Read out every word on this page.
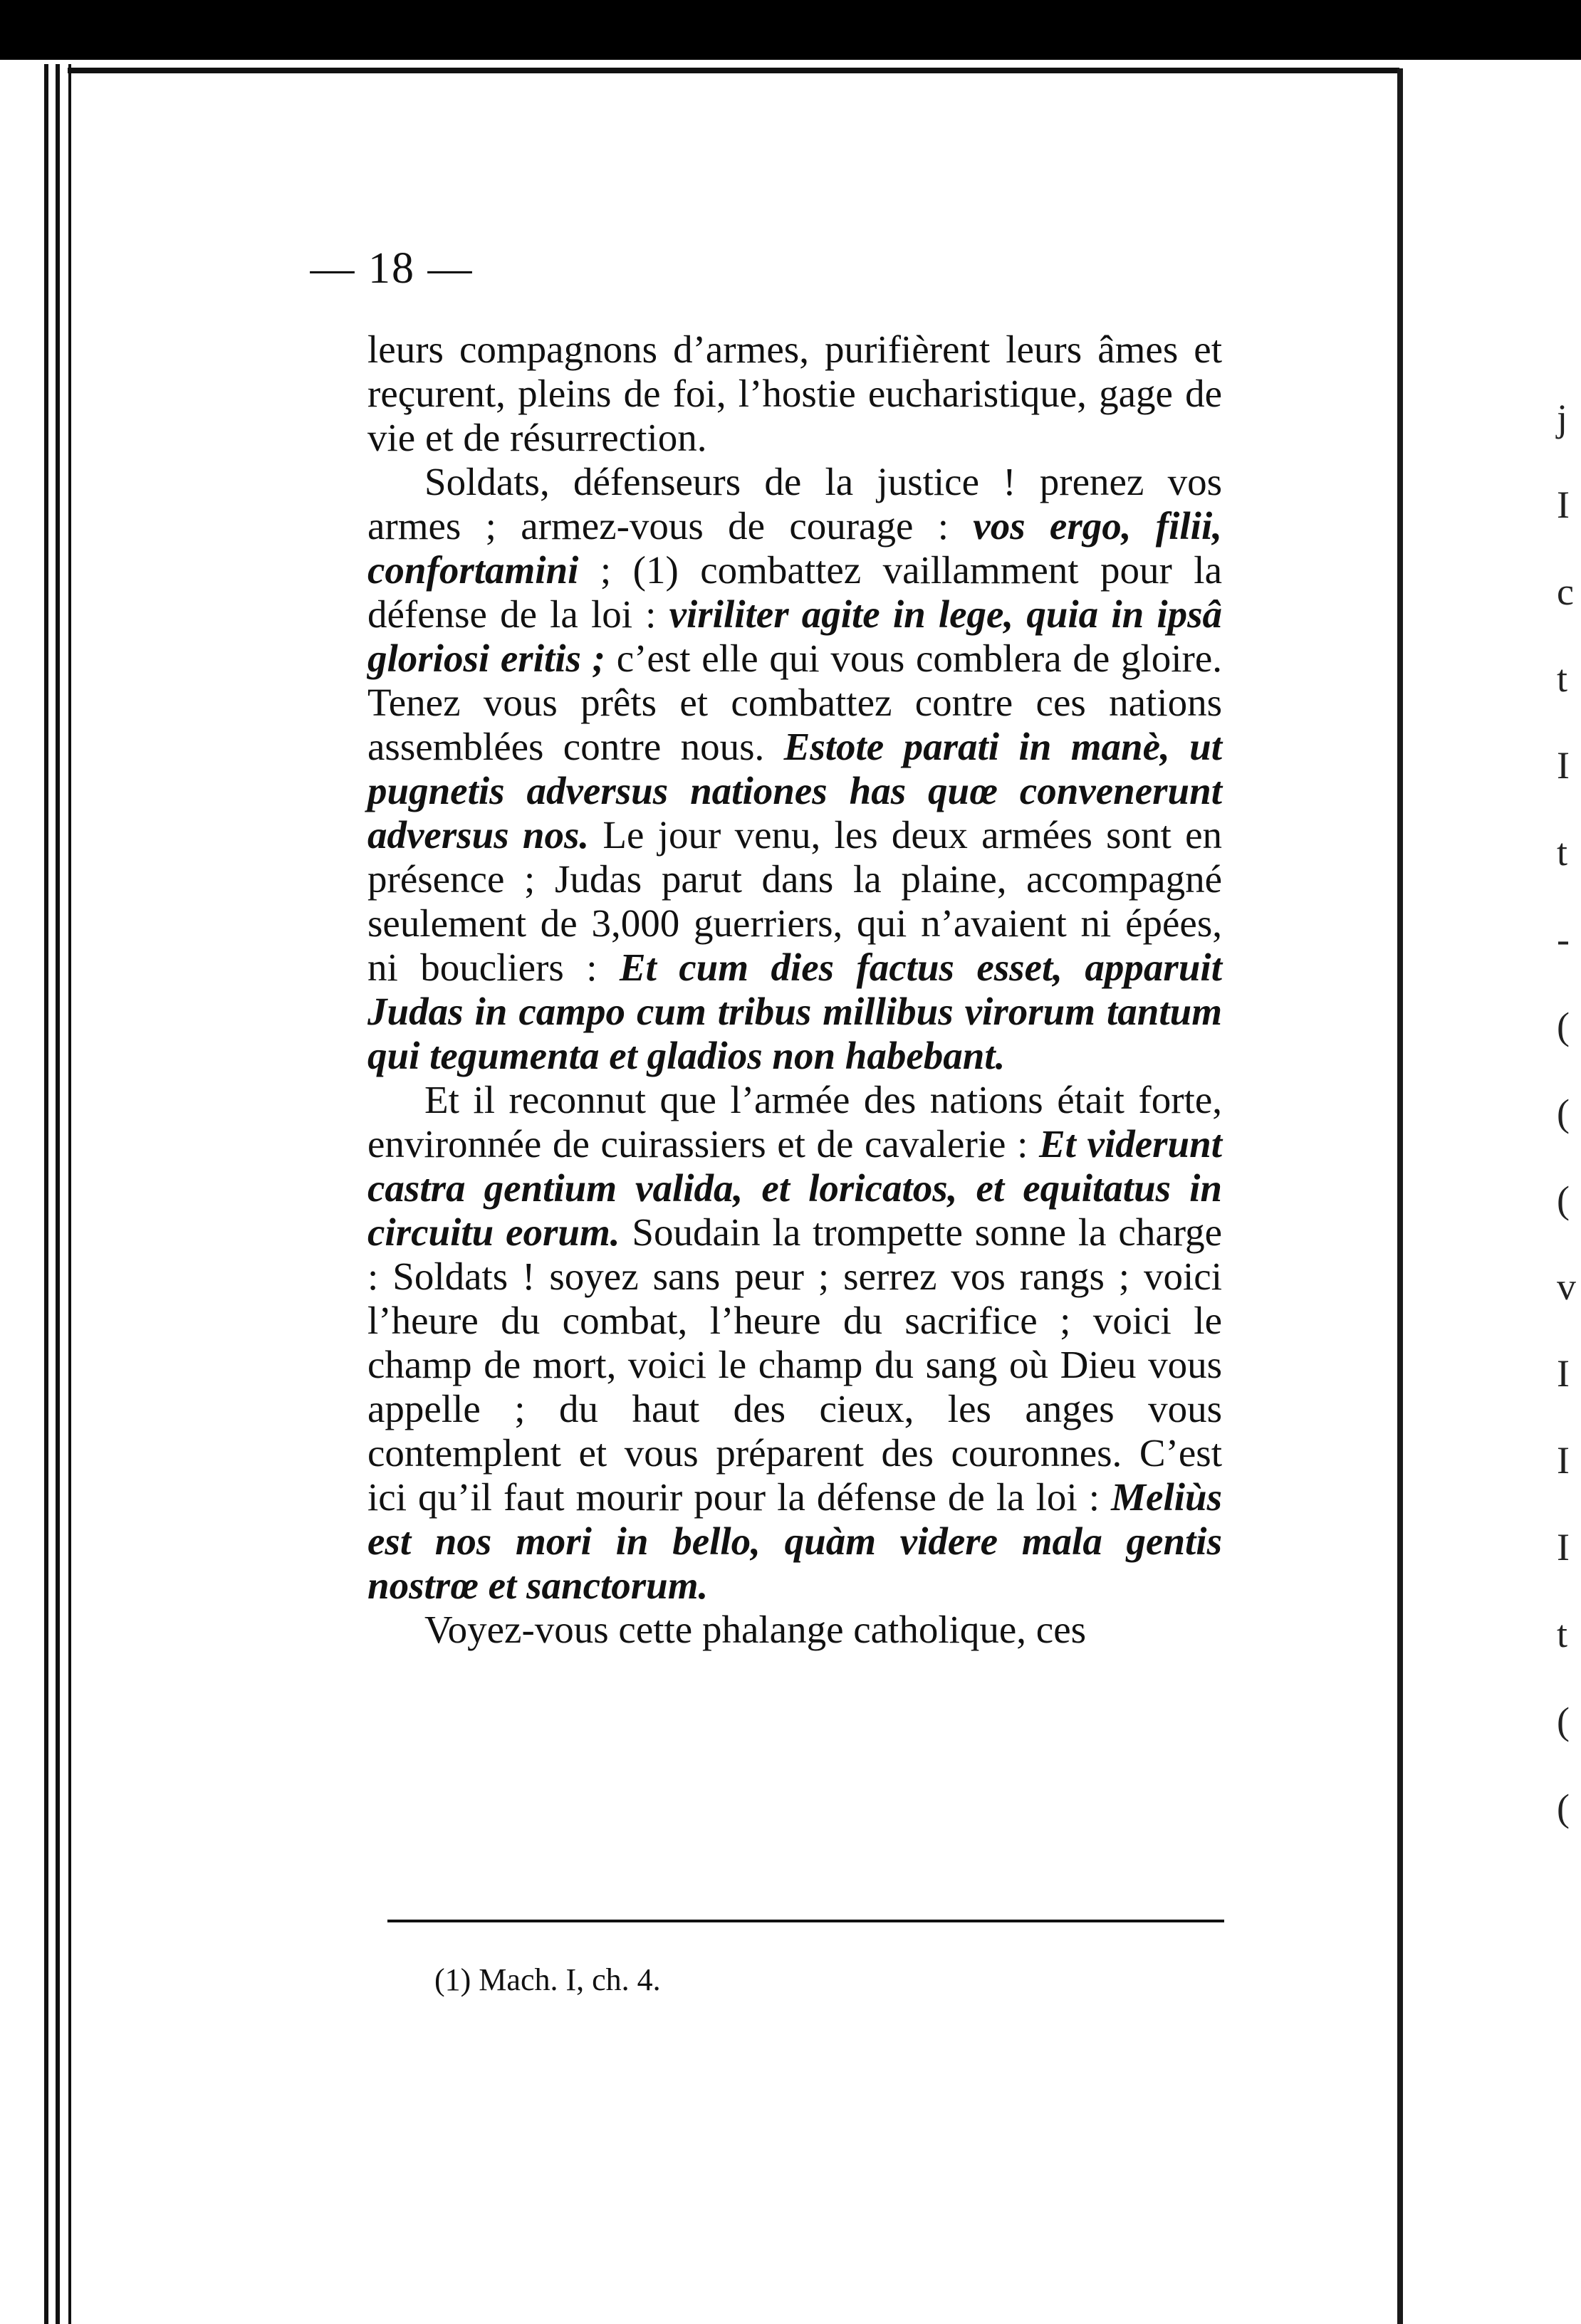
j
I
c
t
I
t
-
(
(
(
v
I
I
I
t
(
(
— 18 —

leurs compagnons d’armes, purifièrent leurs âmes et reçurent, pleins de foi, l’hostie eucharistique, gage de vie et de résurrection.

Soldats, défenseurs de la justice ! prenez vos armes ; armez-vous de courage : vos ergo, filii, confortamini ; (1) combattez vaillamment pour la défense de la loi : viriliter agite in lege, quia in ipsâ gloriosi eritis ; c’est elle qui vous comblera de gloire. Tenez vous prêts et combattez contre ces nations assemblées contre nous. Estote parati in manè, ut pugnetis adversus nationes has quœ convenerunt adversus nos. Le jour venu, les deux armées sont en présence ; Judas parut dans la plaine, accompagné seulement de 3,000 guerriers, qui n’avaient ni épées, ni boucliers : Et cum dies factus esset, apparuit Judas in campo cum tribus millibus virorum tantum qui tegumenta et gladios non habebant.

Et il reconnut que l’armée des nations était forte, environnée de cuirassiers et de cavalerie : Et viderunt castra gentium valida, et loricatos, et equitatus in circuitu eorum. Soudain la trompette sonne la charge : Soldats ! soyez sans peur ; serrez vos rangs ; voici l’heure du combat, l’heure du sacrifice ; voici le champ de mort, voici le champ du sang où Dieu vous appelle ; du haut des cieux, les anges vous contemplent et vous préparent des couronnes. C’est ici qu’il faut mourir pour la défense de la loi : Meliùs est nos mori in bello, quàm videre mala gentis nostrœ et sanctorum.

Voyez-vous cette phalange catholique, ces

(1) Mach. I, ch. 4.
